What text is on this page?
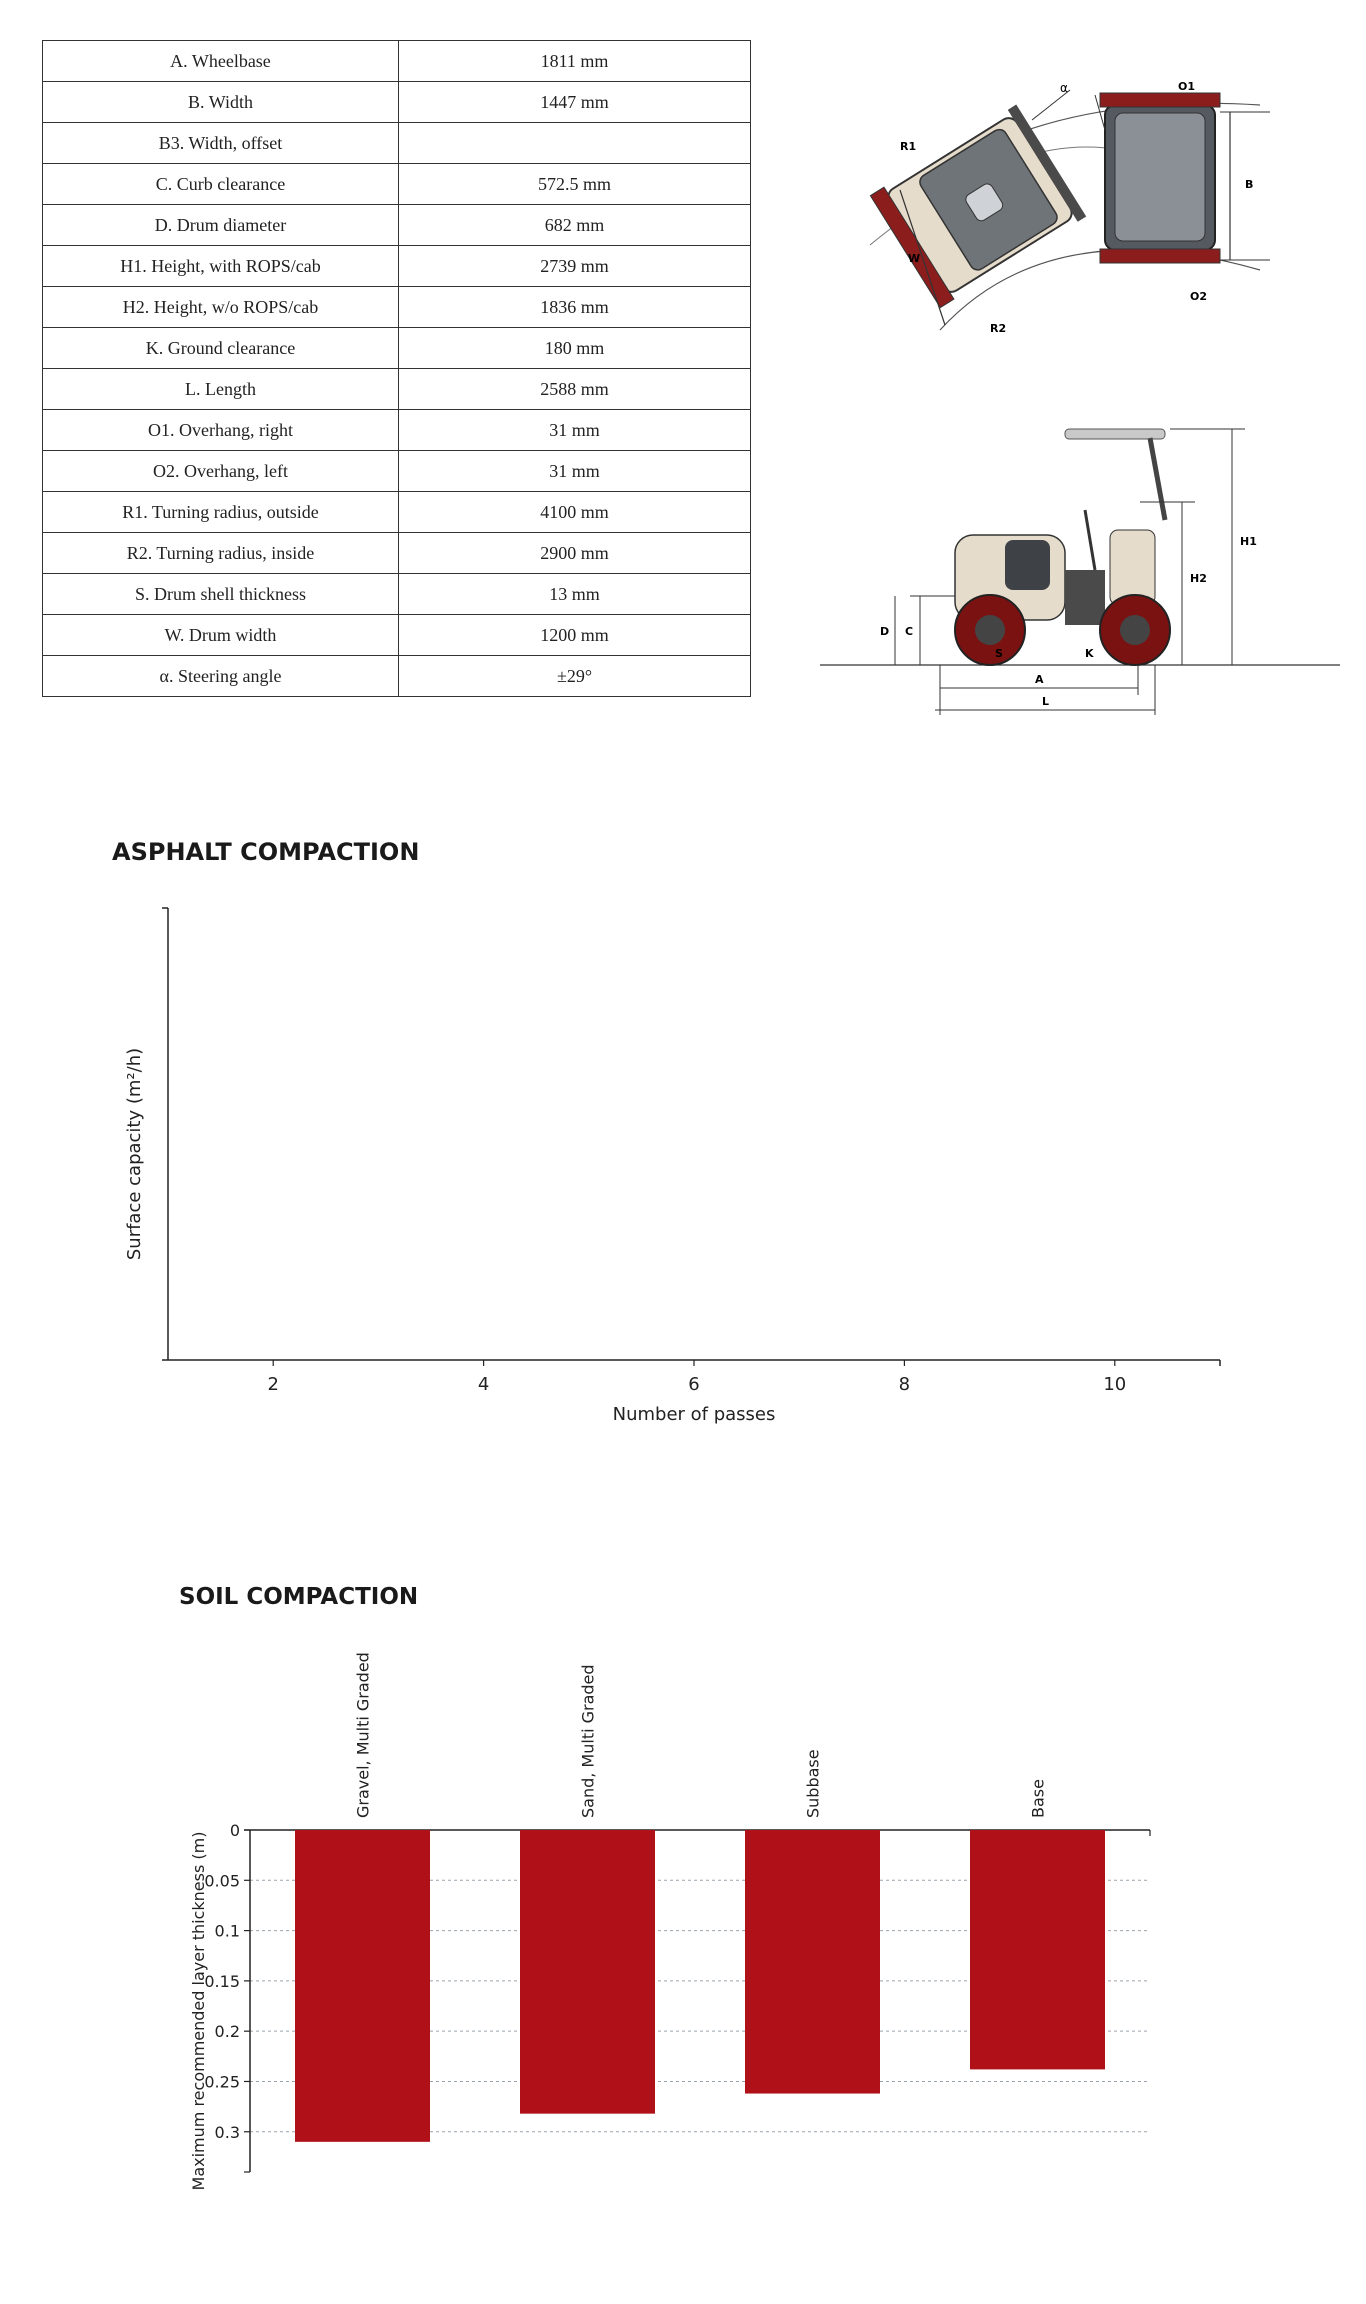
A. Wheelbase	1811 mm
B. Width	1447 mm
B3. Width, offset	
C. Curb clearance	572.5 mm
D. Drum diameter	682 mm
H1. Height, with ROPS/cab	2739 mm
H2. Height, w/o ROPS/cab	1836 mm
K. Ground clearance	180 mm
L. Length	2588 mm
O1. Overhang, right	31 mm
O2. Overhang, left	31 mm
R1. Turning radius, outside	4100 mm
R2. Turning radius, inside	2900 mm
S. Drum shell thickness	13 mm
W. Drum width	1200 mm
α. Steering angle	±29°
α	O1
R1
B
W
O2
R2
H1
H2
D C
S	K
A
L
ASPHALT COMPACTION
2	4	6	8	10
Number of passes
Surface capacity (m²/h)
SOIL COMPACTION
0
0.05
0.1
0.15
0.2
0.25
0.3
Gravel, Multi Graded	Sand, Multi Graded	Subbase	Base
Maximum recommended layer thickness (m)
